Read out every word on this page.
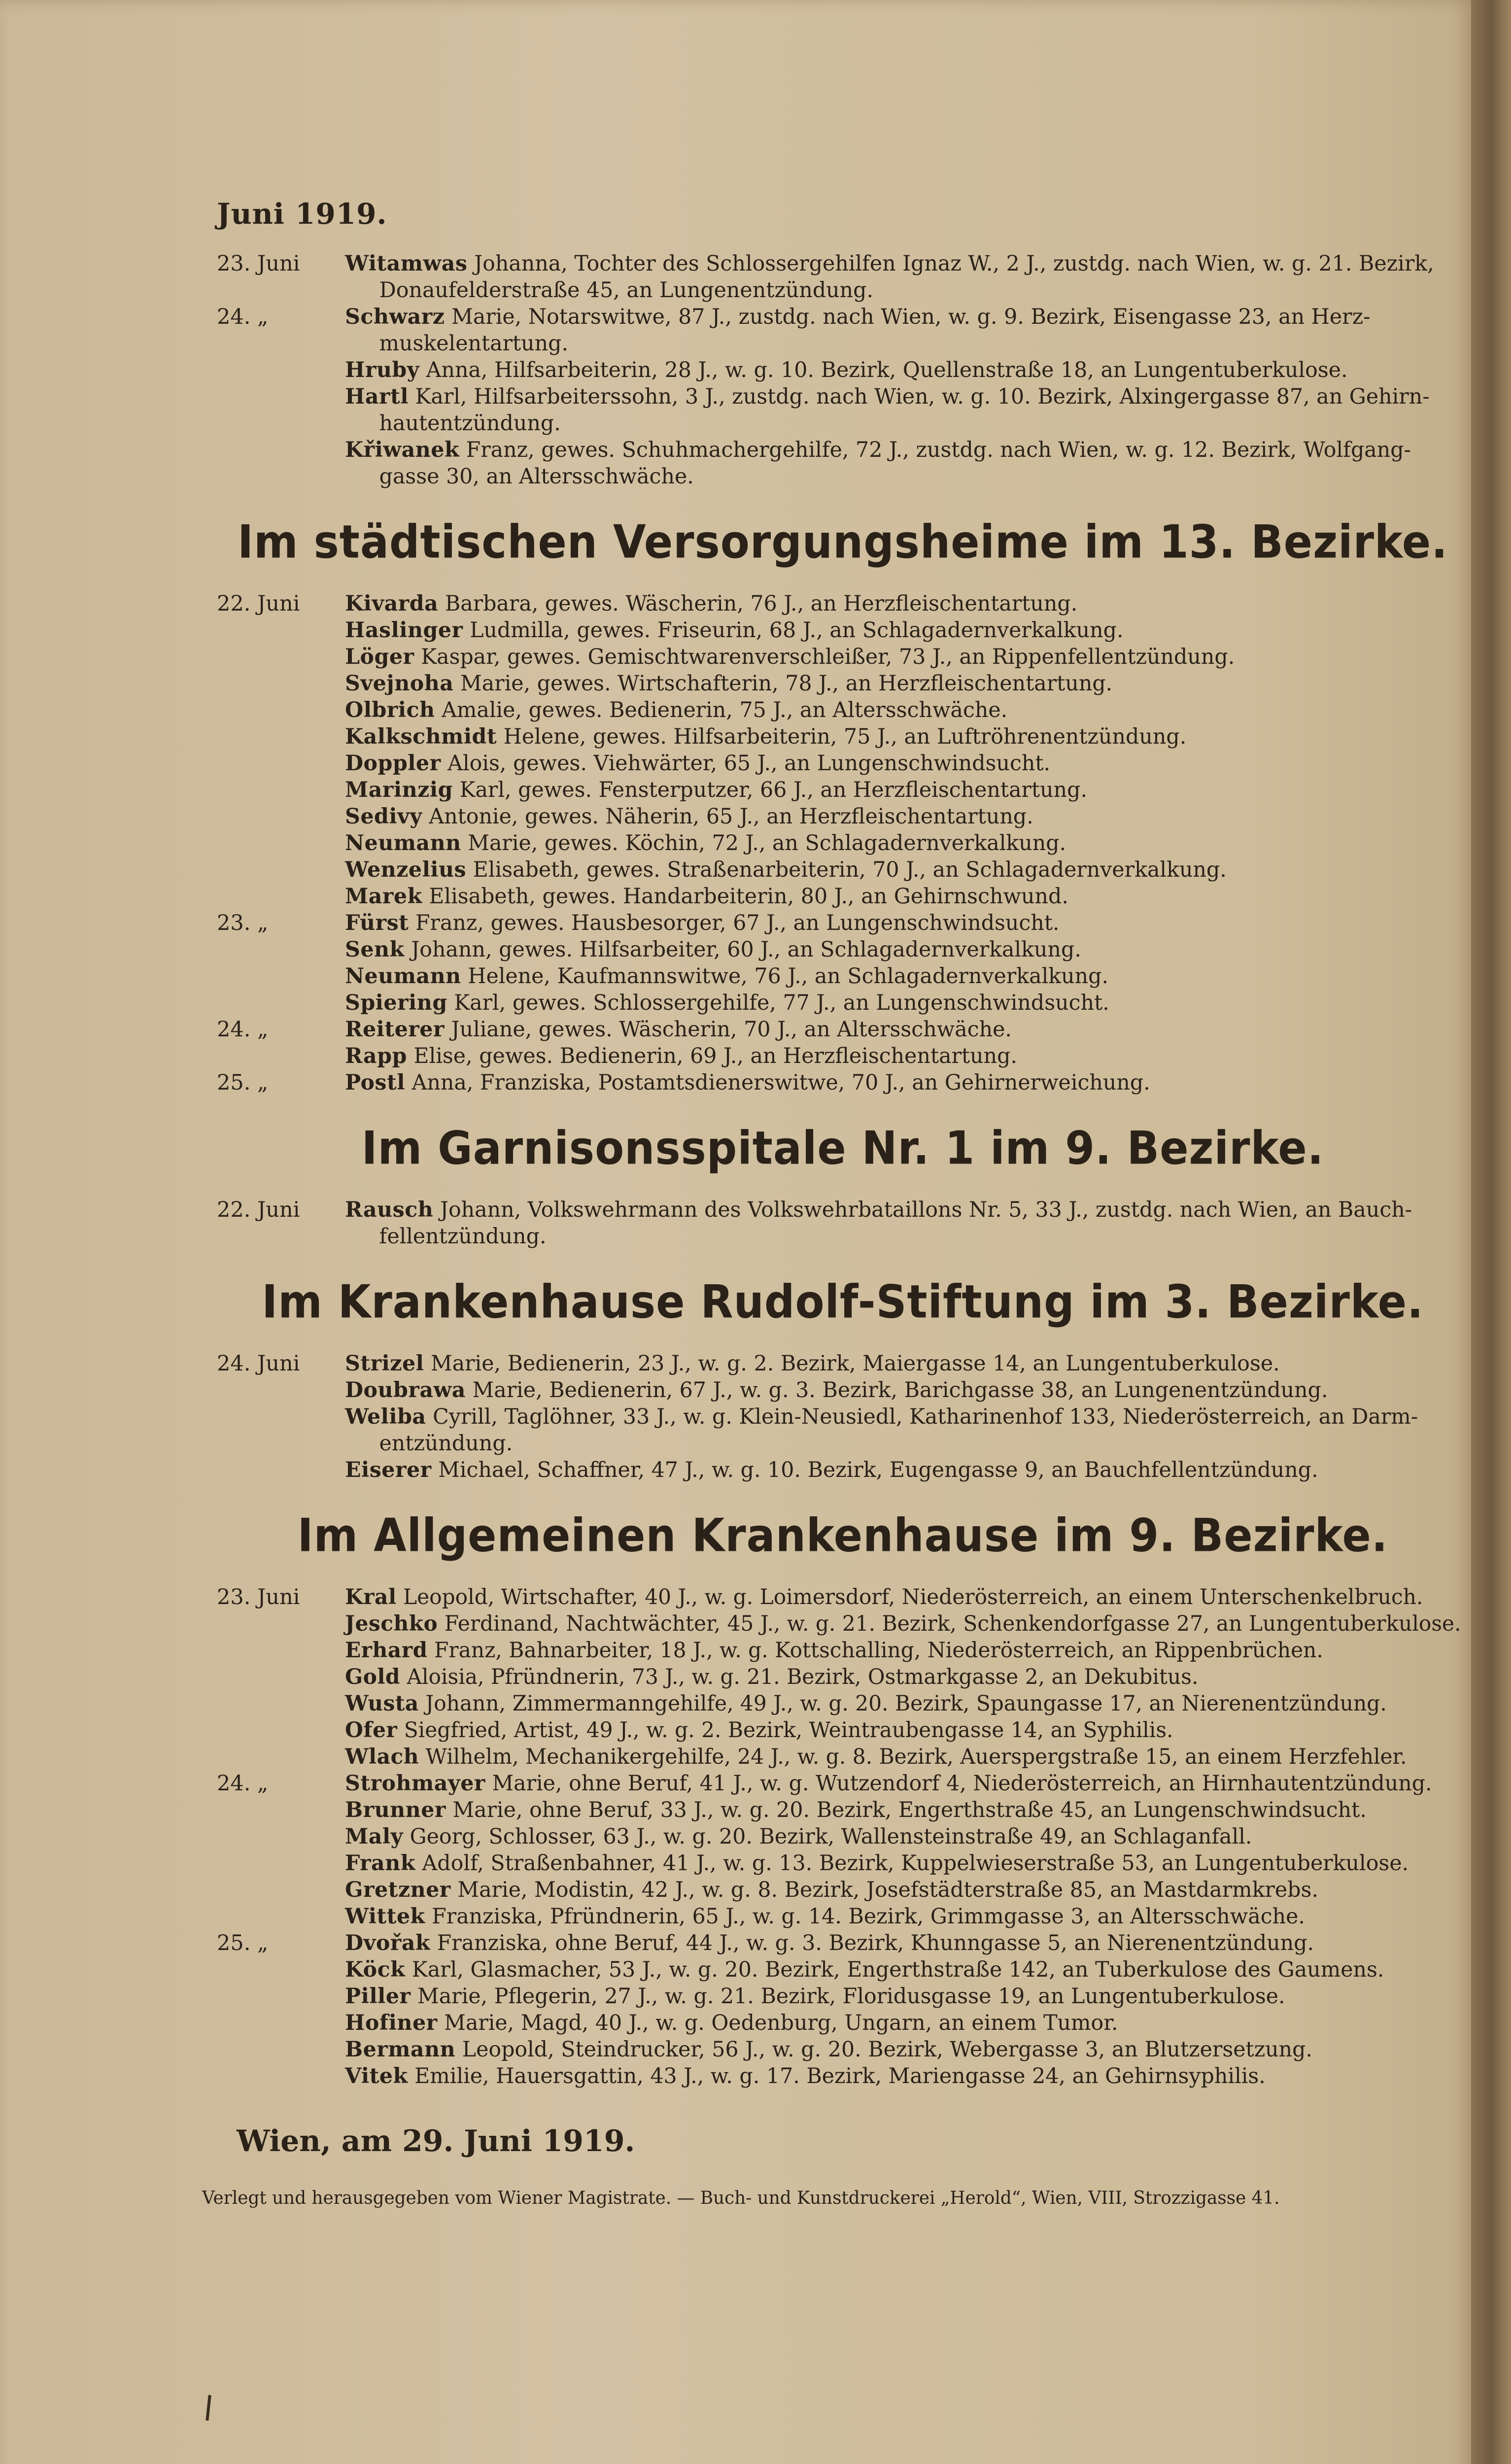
Juni 1919.
23. Juni	Witamwas Johanna, Tochter des Schlossergehilfen Ignaz W., 2 J., zustdg. nach Wien, w. g. 21. Bezirk,
Donaufelderstraße 45, an Lungenentzündung.
24. „	Schwarz Marie, Notarswitwe, 87 J., zustdg. nach Wien, w. g. 9. Bezirk, Eisengasse 23, an Herz-
muskelentartung.
Hruby Anna, Hilfsarbeiterin, 28 J., w. g. 10. Bezirk, Quellenstraße 18, an Lungentuberkulose.
Hartl Karl, Hilfsarbeiterssohn, 3 J., zustdg. nach Wien, w. g. 10. Bezirk, Alxingergasse 87, an Gehirn-
hautentzündung.
Křiwanek Franz, gewes. Schuhmachergehilfe, 72 J., zustdg. nach Wien, w. g. 12. Bezirk, Wolfgang-
gasse 30, an Altersschwäche.
Im städtischen Versorgungsheime im 13. Bezirke.
22. Juni	Kivarda Barbara, gewes. Wäscherin, 76 J., an Herzfleischentartung.
Haslinger Ludmilla, gewes. Friseurin, 68 J., an Schlagadernverkalkung.
Löger Kaspar, gewes. Gemischtwarenverschleißer, 73 J., an Rippenfellentzündung.
Svejnoha Marie, gewes. Wirtschafterin, 78 J., an Herzfleischentartung.
Olbrich Amalie, gewes. Bedienerin, 75 J., an Altersschwäche.
Kalkschmidt Helene, gewes. Hilfsarbeiterin, 75 J., an Luftröhrenentzündung.
Doppler Alois, gewes. Viehwärter, 65 J., an Lungenschwindsucht.
Marinzig Karl, gewes. Fensterputzer, 66 J., an Herzfleischentartung.
Sedivy Antonie, gewes. Näherin, 65 J., an Herzfleischentartung.
Neumann Marie, gewes. Köchin, 72 J., an Schlagadernverkalkung.
Wenzelius Elisabeth, gewes. Straßenarbeiterin, 70 J., an Schlagadernverkalkung.
Marek Elisabeth, gewes. Handarbeiterin, 80 J., an Gehirnschwund.
23. „	Fürst Franz, gewes. Hausbesorger, 67 J., an Lungenschwindsucht.
Senk Johann, gewes. Hilfsarbeiter, 60 J., an Schlagadernverkalkung.
Neumann Helene, Kaufmannswitwe, 76 J., an Schlagadernverkalkung.
Spiering Karl, gewes. Schlossergehilfe, 77 J., an Lungenschwindsucht.
24. „	Reiterer Juliane, gewes. Wäscherin, 70 J., an Altersschwäche.
Rapp Elise, gewes. Bedienerin, 69 J., an Herzfleischentartung.
25. „	Postl Anna, Franziska, Postamtsdienerswitwe, 70 J., an Gehirnerweichung.
Im Garnisonsspitale Nr. 1 im 9. Bezirke.
22. Juni	Rausch Johann, Volkswehrmann des Volkswehrbataillons Nr. 5, 33 J., zustdg. nach Wien, an Bauch-
fellentzündung.
Im Krankenhause Rudolf-Stiftung im 3. Bezirke.
24. Juni	Strizel Marie, Bedienerin, 23 J., w. g. 2. Bezirk, Maiergasse 14, an Lungentuberkulose.
Doubrawa Marie, Bedienerin, 67 J., w. g. 3. Bezirk, Barichgasse 38, an Lungenentzündung.
Weliba Cyrill, Taglöhner, 33 J., w. g. Klein-Neusiedl, Katharinenhof 133, Niederösterreich, an Darm-
entzündung.
Eiserer Michael, Schaffner, 47 J., w. g. 10. Bezirk, Eugengasse 9, an Bauchfellentzündung.
Im Allgemeinen Krankenhause im 9. Bezirke.
23. Juni	Kral Leopold, Wirtschafter, 40 J., w. g. Loimersdorf, Niederösterreich, an einem Unterschenkelbruch.
Jeschko Ferdinand, Nachtwächter, 45 J., w. g. 21. Bezirk, Schenkendorfgasse 27, an Lungentuberkulose.
Erhard Franz, Bahnarbeiter, 18 J., w. g. Kottschalling, Niederösterreich, an Rippenbrüchen.
Gold Aloisia, Pfründnerin, 73 J., w. g. 21. Bezirk, Ostmarkgasse 2, an Dekubitus.
Wusta Johann, Zimmermanngehilfe, 49 J., w. g. 20. Bezirk, Spaungasse 17, an Nierenentzündung.
Ofer Siegfried, Artist, 49 J., w. g. 2. Bezirk, Weintraubengasse 14, an Syphilis.
Wlach Wilhelm, Mechanikergehilfe, 24 J., w. g. 8. Bezirk, Auerspergstraße 15, an einem Herzfehler.
24. „	Strohmayer Marie, ohne Beruf, 41 J., w. g. Wutzendorf 4, Niederösterreich, an Hirnhautentzündung.
Brunner Marie, ohne Beruf, 33 J., w. g. 20. Bezirk, Engerthstraße 45, an Lungenschwindsucht.
Maly Georg, Schlosser, 63 J., w. g. 20. Bezirk, Wallensteinstraße 49, an Schlaganfall.
Frank Adolf, Straßenbahner, 41 J., w. g. 13. Bezirk, Kuppelwieserstraße 53, an Lungentuberkulose.
Gretzner Marie, Modistin, 42 J., w. g. 8. Bezirk, Josefstädterstraße 85, an Mastdarmkrebs.
Wittek Franziska, Pfründnerin, 65 J., w. g. 14. Bezirk, Grimmgasse 3, an Altersschwäche.
25. „	Dvořak Franziska, ohne Beruf, 44 J., w. g. 3. Bezirk, Khunngasse 5, an Nierenentzündung.
Köck Karl, Glasmacher, 53 J., w. g. 20. Bezirk, Engerthstraße 142, an Tuberkulose des Gaumens.
Piller Marie, Pflegerin, 27 J., w. g. 21. Bezirk, Floridusgasse 19, an Lungentuberkulose.
Hofiner Marie, Magd, 40 J., w. g. Oedenburg, Ungarn, an einem Tumor.
Bermann Leopold, Steindrucker, 56 J., w. g. 20. Bezirk, Webergasse 3, an Blutzersetzung.
Vitek Emilie, Hauersgattin, 43 J., w. g. 17. Bezirk, Mariengasse 24, an Gehirnsyphilis.
Wien, am 29. Juni 1919.
Verlegt und herausgegeben vom Wiener Magistrate. — Buch- und Kunstdruckerei „Herold“, Wien, VIII, Strozzigasse 41.
